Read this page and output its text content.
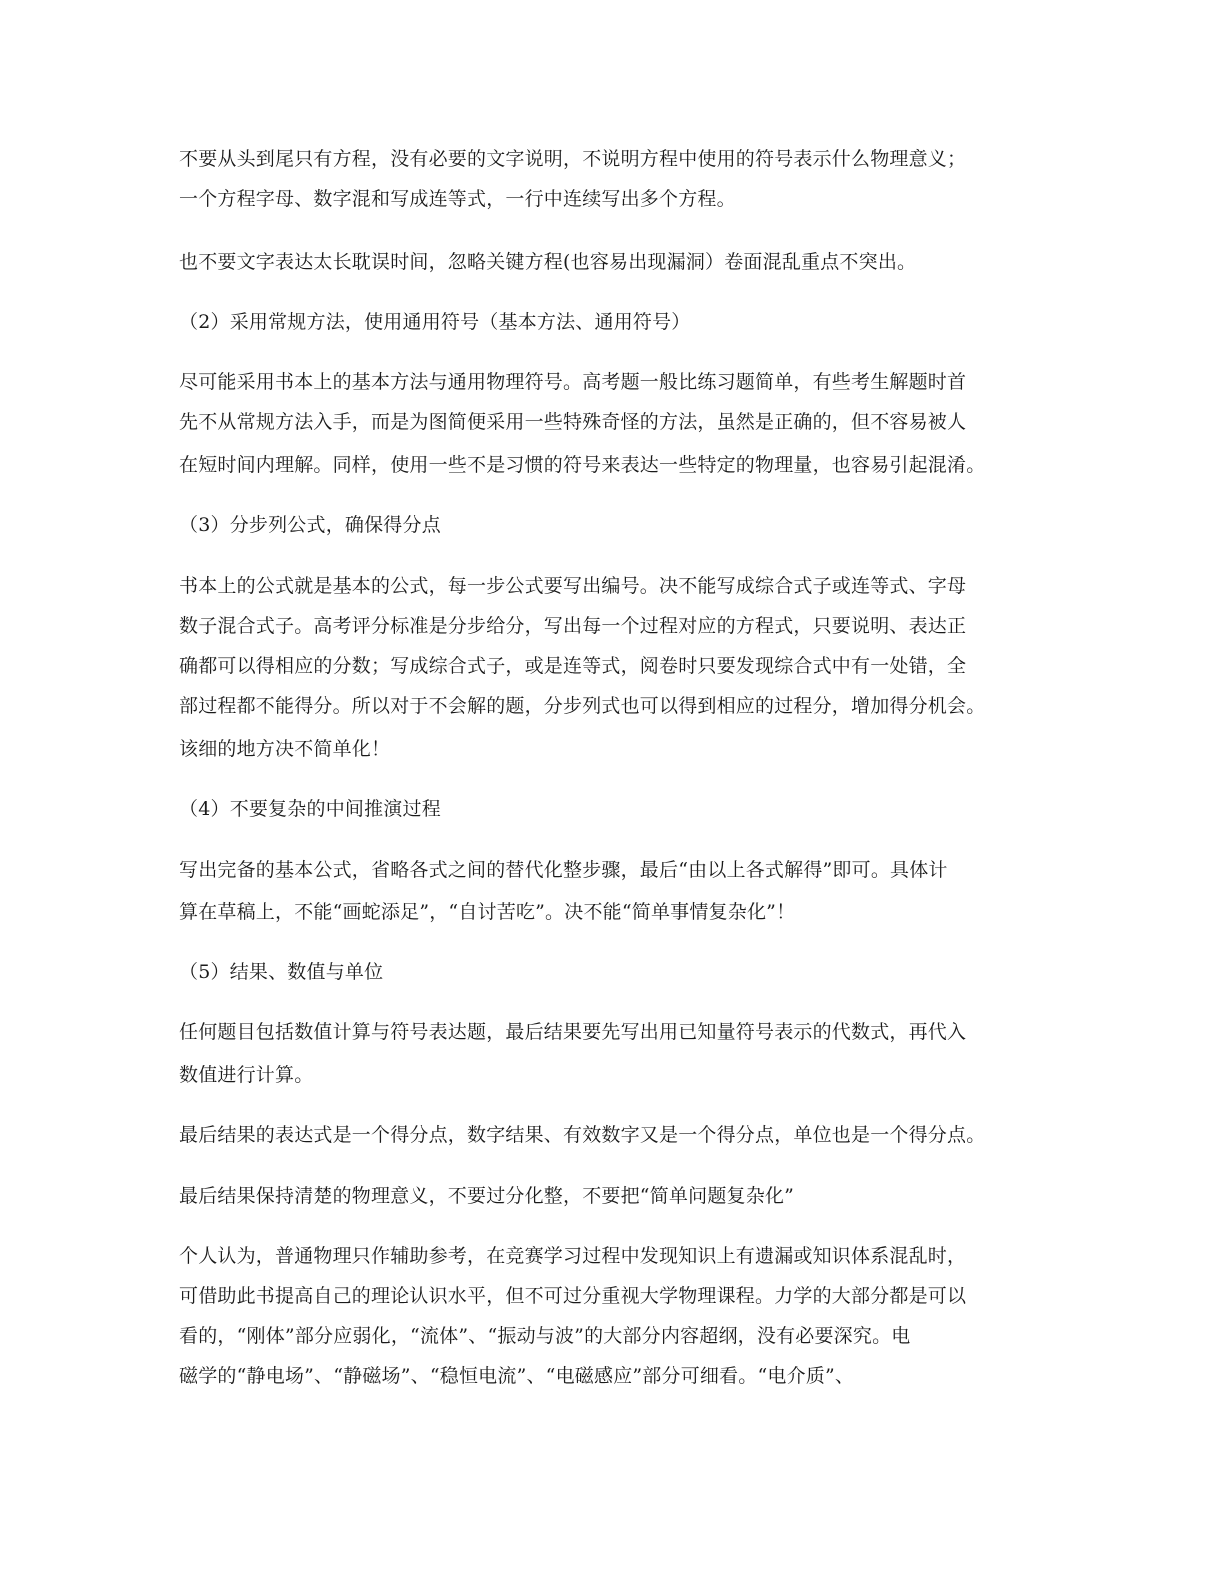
不要从头到尾只有方程，没有必要的文字说明，不说明方程中使用的符号表示什么物理意义；
一个方程字母、数字混和写成连等式，一行中连续写出多个方程。
也不要文字表达太长耽误时间，忽略关键方程(也容易出现漏洞）卷面混乱重点不突出。
（2）采用常规方法，使用通用符号（基本方法、通用符号）
尽可能采用书本上的基本方法与通用物理符号。高考题一般比练习题简单，有些考生解题时首
先不从常规方法入手，而是为图简便采用一些特殊奇怪的方法，虽然是正确的，但不容易被人
在短时间内理解。同样，使用一些不是习惯的符号来表达一些特定的物理量，也容易引起混淆。
（3）分步列公式，确保得分点
书本上的公式就是基本的公式，每一步公式要写出编号。决不能写成综合式子或连等式、字母
数子混合式子。高考评分标准是分步给分，写出每一个过程对应的方程式，只要说明、表达正
确都可以得相应的分数；写成综合式子，或是连等式，阅卷时只要发现综合式中有一处错，全
部过程都不能得分。所以对于不会解的题，分步列式也可以得到相应的过程分，增加得分机会。
该细的地方决不简单化！
（4）不要复杂的中间推演过程
写出完备的基本公式，省略各式之间的替代化整步骤，最后“由以上各式解得”即可。具体计
算在草稿上，不能“画蛇添足”，“自讨苦吃”。决不能“简单事情复杂化”！
（5）结果、数值与单位
任何题目包括数值计算与符号表达题，最后结果要先写出用已知量符号表示的代数式，再代入
数值进行计算。
最后结果的表达式是一个得分点，数字结果、有效数字又是一个得分点，单位也是一个得分点。
最后结果保持清楚的物理意义，不要过分化整，不要把“简单问题复杂化”
个人认为，普通物理只作辅助参考，在竞赛学习过程中发现知识上有遗漏或知识体系混乱时，
可借助此书提高自己的理论认识水平，但不可过分重视大学物理课程。力学的大部分都是可以
看的，“刚体”部分应弱化，“流体”、“振动与波”的大部分内容超纲，没有必要深究。电
磁学的“静电场”、“静磁场”、“稳恒电流”、“电磁感应”部分可细看。“电介质”、
